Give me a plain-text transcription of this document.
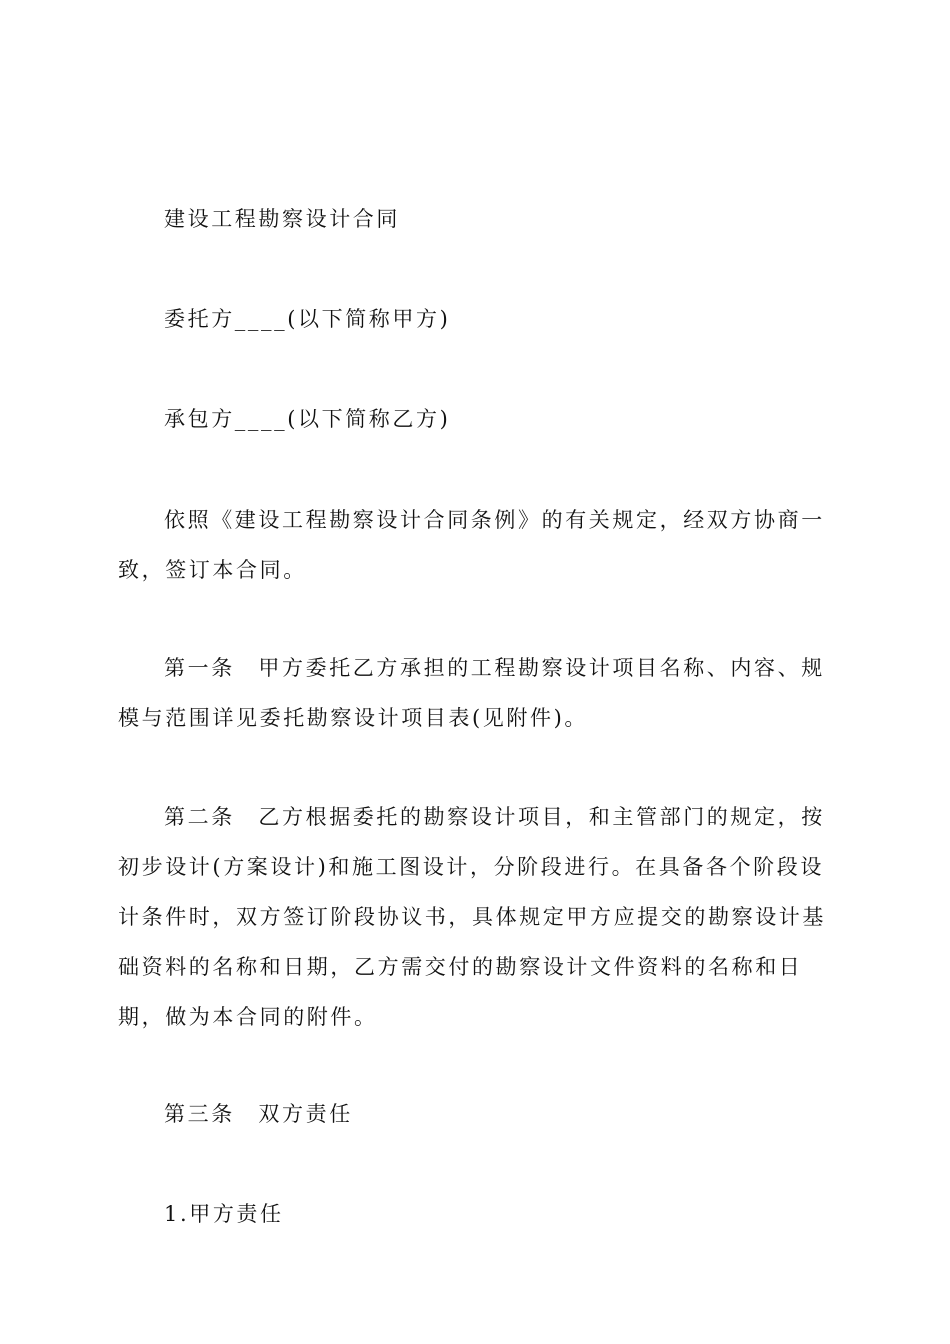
建设工程勘察设计合同
委托方____(以下简称甲方)
承包方____(以下简称乙方)
依照《建设工程勘察设计合同条例》的有关规定，经双方协商一致，签订本合同。
第一条　甲方委托乙方承担的工程勘察设计项目名称、内容、规模与范围详见委托勘察设计项目表(见附件)。
第二条　乙方根据委托的勘察设计项目，和主管部门的规定，按初步设计(方案设计)和施工图设计，分阶段进行。在具备各个阶段设计条件时，双方签订阶段协议书，具体规定甲方应提交的勘察设计基础资料的名称和日期，乙方需交付的勘察设计文件资料的名称和日期，做为本合同的附件。
第三条　双方责任
1.甲方责任
